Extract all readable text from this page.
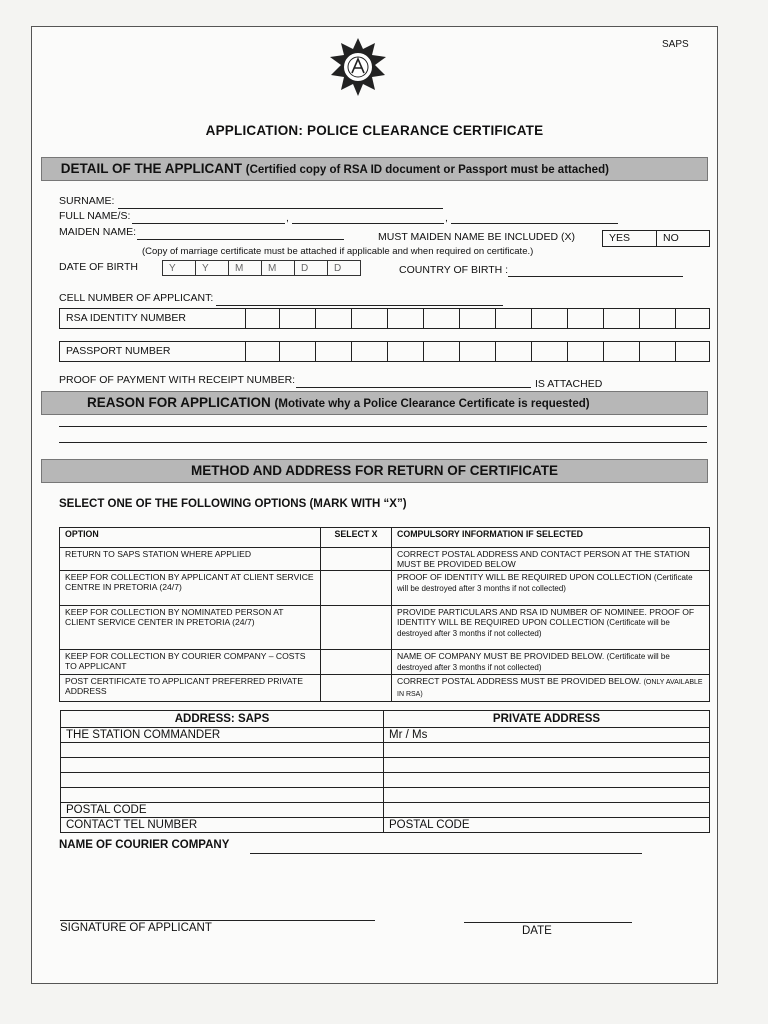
SAPS
APPLICATION: POLICE CLEARANCE CERTIFICATE
DETAIL OF THE APPLICANT (Certified copy of RSA ID document or Passport must be attached)
SURNAME:
FULL NAME/S:	,	,
MAIDEN NAME:	MUST MAIDEN NAME BE INCLUDED (X)	YES	NO
(Copy of marriage certificate must be attached if applicable and when required on certificate.)
DATE OF BIRTH	Y	Y	M	M	D	D	COUNTRY OF BIRTH :
CELL NUMBER OF APPLICANT:
RSA IDENTITY NUMBER
PASSPORT NUMBER
PROOF OF PAYMENT WITH RECEIPT NUMBER:	IS ATTACHED
REASON FOR APPLICATION (Motivate why a Police Clearance Certificate is requested)
METHOD AND ADDRESS FOR RETURN OF CERTIFICATE
SELECT ONE OF THE FOLLOWING OPTIONS (MARK WITH “X”)
OPTION	SELECT X	COMPULSORY INFORMATION IF SELECTED
RETURN TO SAPS STATION WHERE APPLIED		CORRECT POSTAL ADDRESS AND CONTACT PERSON AT THE STATION MUST BE PROVIDED BELOW
KEEP FOR COLLECTION BY APPLICANT AT CLIENT SERVICE CENTRE IN PRETORIA (24/7)		PROOF OF IDENTITY WILL BE REQUIRED UPON COLLECTION (Certificate will be destroyed after 3 months if not collected)
KEEP FOR COLLECTION BY NOMINATED PERSON AT CLIENT SERVICE CENTER IN PRETORIA (24/7)		PROVIDE PARTICULARS AND RSA ID NUMBER OF NOMINEE. PROOF OF IDENTITY WILL BE REQUIRED UPON COLLECTION (Certificate will be destroyed after 3 months if not collected)
KEEP FOR COLLECTION BY COURIER COMPANY – COSTS TO APPLICANT		NAME OF COMPANY MUST BE PROVIDED BELOW. (Certificate will be destroyed after 3 months if not collected)
POST CERTIFICATE TO APPLICANT PREFERRED PRIVATE ADDRESS		CORRECT POSTAL ADDRESS MUST BE PROVIDED BELOW. (ONLY AVAILABLE IN RSA)
ADDRESS: SAPS	PRIVATE ADDRESS
THE STATION COMMANDER	Mr / Ms

POSTAL CODE	
CONTACT TEL NUMBER	POSTAL CODE
NAME OF COURIER COMPANY
SIGNATURE OF APPLICANT	DATE
